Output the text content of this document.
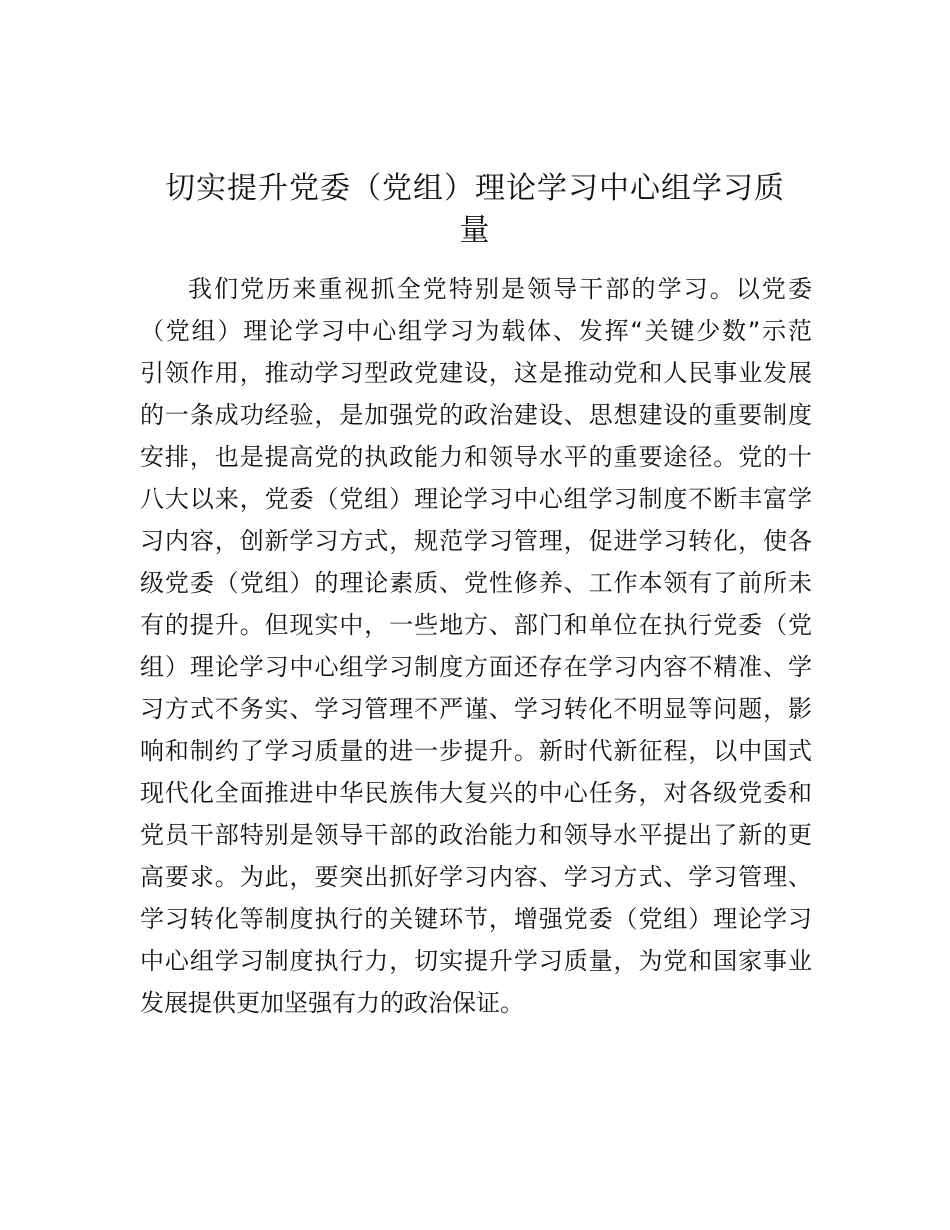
切实提升党委（党组）理论学习中心组学习质
量
我们党历来重视抓全党特别是领导干部的学习。以党委
（党组）理论学习中心组学习为载体、发挥“关键少数”示范
引领作用，推动学习型政党建设，这是推动党和人民事业发展
的一条成功经验，是加强党的政治建设、思想建设的重要制度
安排，也是提高党的执政能力和领导水平的重要途径。党的十
八大以来，党委（党组）理论学习中心组学习制度不断丰富学
习内容，创新学习方式，规范学习管理，促进学习转化，使各
级党委（党组）的理论素质、党性修养、工作本领有了前所未
有的提升。但现实中，一些地方、部门和单位在执行党委（党
组）理论学习中心组学习制度方面还存在学习内容不精准、学
习方式不务实、学习管理不严谨、学习转化不明显等问题，影
响和制约了学习质量的进一步提升。新时代新征程，以中国式
现代化全面推进中华民族伟大复兴的中心任务，对各级党委和
党员干部特别是领导干部的政治能力和领导水平提出了新的更
高要求。为此，要突出抓好学习内容、学习方式、学习管理、
学习转化等制度执行的关键环节，增强党委（党组）理论学习
中心组学习制度执行力，切实提升学习质量，为党和国家事业
发展提供更加坚强有力的政治保证。
